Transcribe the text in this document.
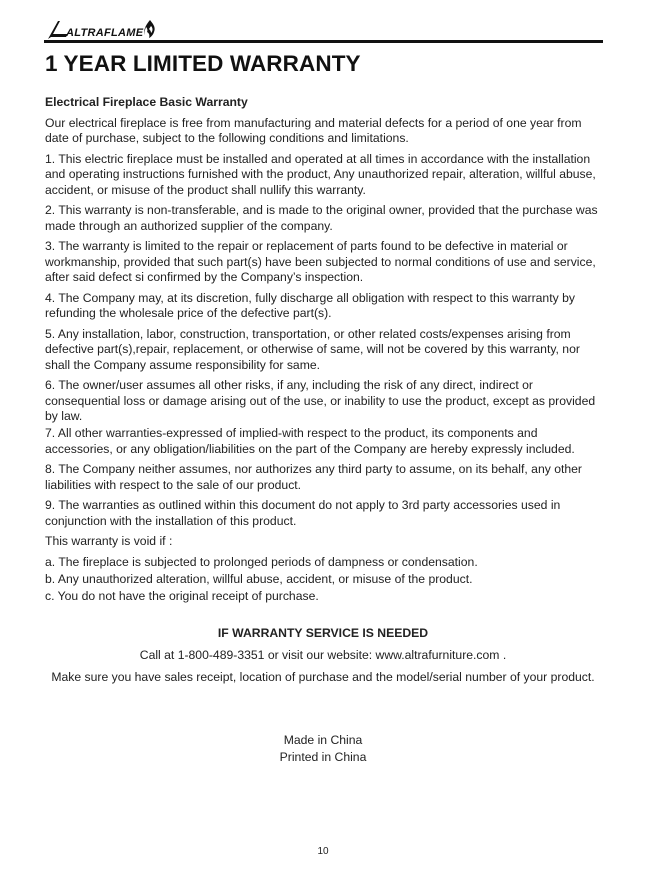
ALTRAFLAME
1 YEAR LIMITED WARRANTY

Electrical Fireplace Basic Warranty

Our electrical fireplace is free from manufacturing and material defects for a period of one year from date of purchase, subject to the following conditions and limitations.

1. This electric fireplace must be installed and operated at all times in accordance with the installation and operating instructions furnished with the product, Any unauthorized repair, alteration, willful abuse, accident, or misuse of the product shall nullify this warranty.

2. This warranty is non-transferable, and is made to the original owner, provided that the purchase was made through an authorized supplier of the company.

3. The warranty is limited to the repair or replacement of parts found to be defective in material or workmanship, provided that such part(s) have been subjected to normal conditions of use and service, after said defect si confirmed by the Company’s inspection.

4. The Company may, at its discretion, fully discharge all obligation with respect to this warranty by refunding the wholesale price of the defective part(s).

5. Any installation, labor, construction, transportation, or other related costs/expenses arising from defective part(s),repair, replacement, or otherwise of same, will not be covered by this warranty, nor shall the Company assume responsibility for same.

6. The owner/user assumes all other risks, if any, including the risk of any direct, indirect or consequential loss or damage arising out of the use, or inability to use the product, except as provided by law.

7. All other warranties-expressed of implied-with respect to the product, its components and accessories, or any obligation/liabilities on the part of the Company are hereby expressly included.

8. The Company neither assumes, nor authorizes any third party to assume, on its behalf, any other liabilities with respect to the sale of our product.

9. The warranties as outlined within this document do not apply to 3rd party accessories used in conjunction with the installation of this product.

This warranty is void if :

a. The fireplace is subjected to prolonged periods of dampness or condensation.

b. Any unauthorized alteration, willful abuse, accident, or misuse of the product.

c. You do not have the original receipt of purchase.

IF WARRANTY SERVICE IS NEEDED

Call at 1-800-489-3351 or visit our website: www.altrafurniture.com .

Make sure you have sales receipt, location of purchase and the model/serial number of your product.

Made in China
Printed in China
10
